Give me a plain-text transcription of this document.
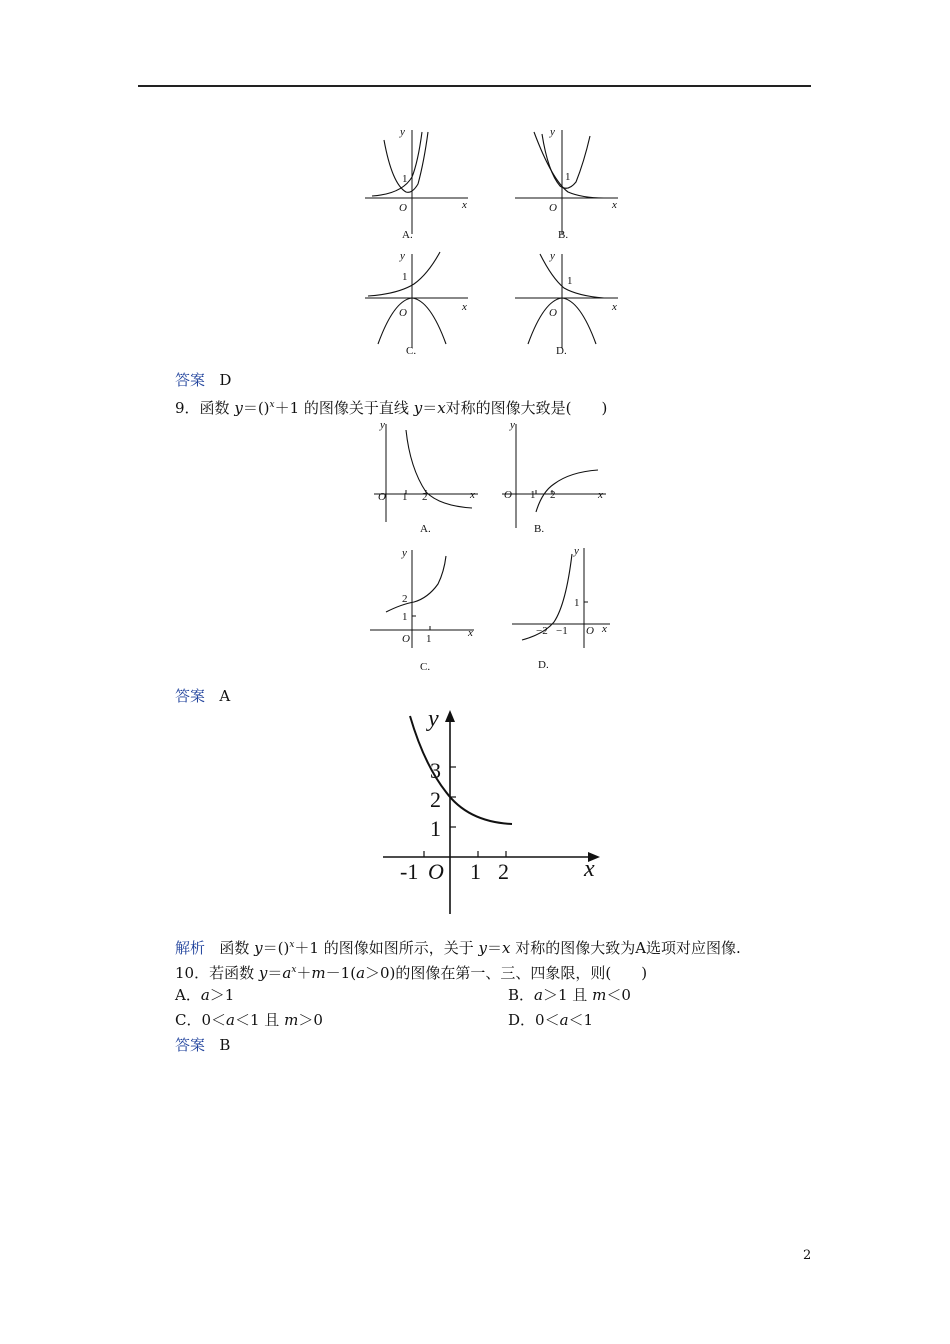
y
x
O
1
A.
y
x
O
1
B.
y
x
O
1
C.
y
x
O
1
D.
答案 D
9．函数 y＝()$^x$＋1 的图像关于直线 y＝x对称的图像大致是(　　)
y
x
O 1 2
A.
y
x
O 1 2
B.
y
x
O 1
1
2
C.
y
x
O
−2 −1
1
D.
答案 A
y
x
-1 O 1 2
1
2
3
解析 函数 y＝()$^x$＋1 的图像如图所示，关于 y＝x 对称的图像大致为A选项对应图像.
10．若函数 $y=a^x+m-1(a>0)$的图像在第一、三、四象限，则(　　)
A．a＞1	B．a＞1 且 m＜0
C．0＜a＜1 且 m＞0	D．0＜a＜1
答案 B
2
